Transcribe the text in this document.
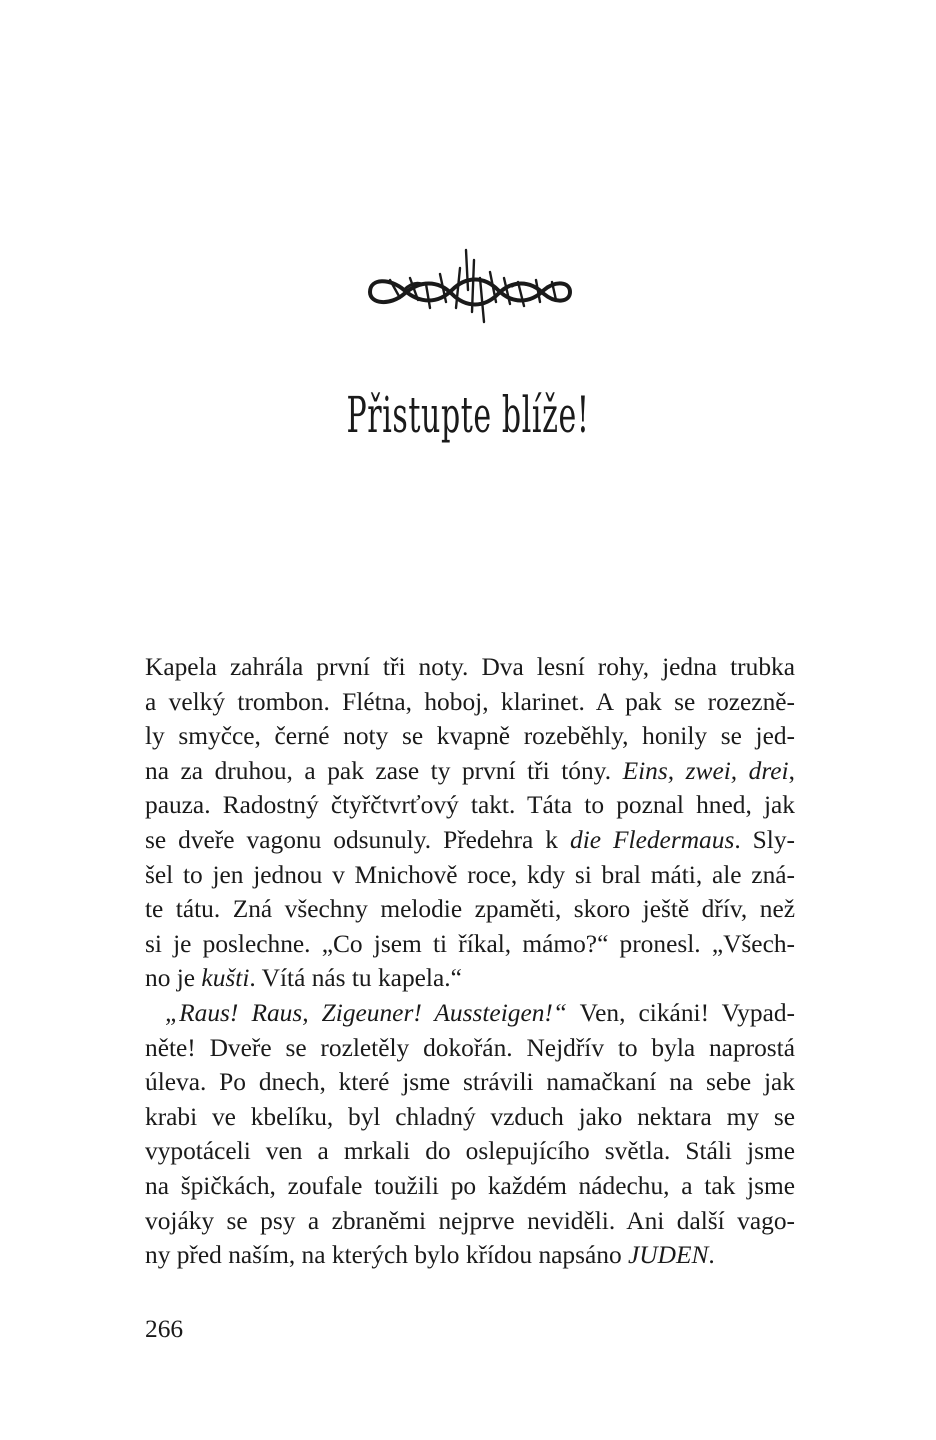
Přistupte blíže!
Kapela zahrála první tři noty. Dva lesní rohy, jedna trubka
a velký trombon. Flétna, hoboj, klarinet. A pak se rozezně-
ly smyčce, černé noty se kvapně rozeběhly, honily se jed-
na za druhou, a pak zase ty první tři tóny. Eins, zwei, drei,
pauza. Radostný čtyřčtvrťový takt. Táta to poznal hned, jak
se dveře vagonu odsunuly. Předehra k die Fledermaus. Sly-
šel to jen jednou v Mnichově roce, kdy si bral máti, ale zná-
te tátu. Zná všechny melodie zpaměti, skoro ještě dřív, než
si je poslechne. „Co jsem ti říkal, mámo?“ pronesl. „Všech-
no je kušti. Vítá nás tu kapela.“
„Raus! Raus, Zigeuner! Aussteigen!“ Ven, cikáni! Vypad-
něte! Dveře se rozletěly dokořán. Nejdřív to byla naprostá
úleva. Po dnech, které jsme strávili namačkaní na sebe jak
krabi ve kbelíku, byl chladný vzduch jako nektara my se
vypotáceli ven a mrkali do oslepujícího světla. Stáli jsme
na špičkách, zoufale toužili po každém nádechu, a tak jsme
vojáky se psy a zbraněmi nejprve neviděli. Ani další vago-
ny před naším, na kterých bylo křídou napsáno JUDEN.
266
